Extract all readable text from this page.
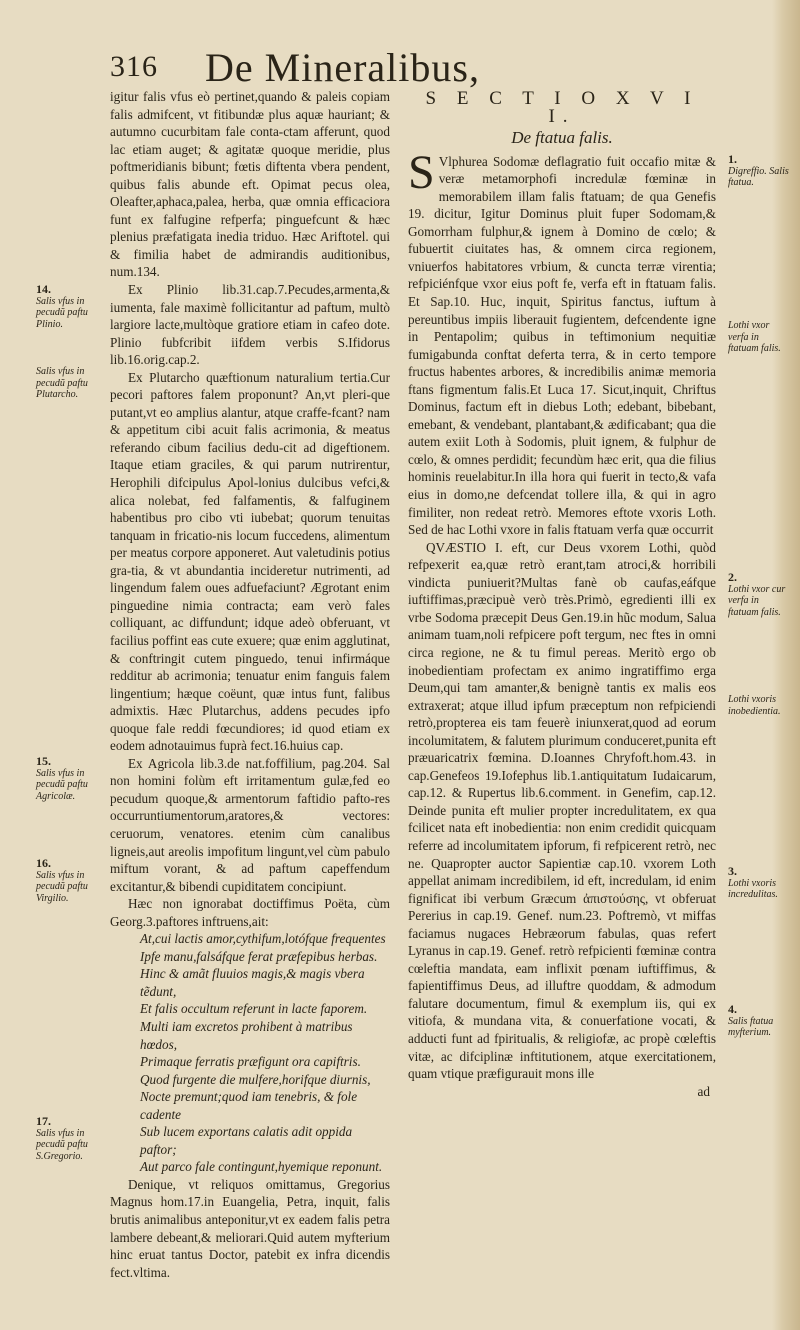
316 De Mineralibus,

igitur falis vfus eò pertinet,quando & paleis copiam falis admifcent, vt fitibundæ plus aquæ hauriant; & autumno cucurbitam fale conta-ctam afferunt, quod lac etiam auget; & agitatæ quoque meridie, plus poftmeridianis bibunt; fœtis diftenta vbera pendent, quibus falis abunde eft. Opimat pecus olea, Oleafter,aphaca,palea, herba, quæ omnia efficaciora funt ex falfugine refperfa; pinguefcunt & hæc plenius præfatigata inedia triduo. Hæc Ariftotel. qui & fimilia habet de admirandis auditionibus, num.134.

Ex Plinio lib.31.cap.7.Pecudes,armenta,& iumenta, fale maximè follicitantur ad paftum, multò largiore lacte,multòque gratiore etiam in cafeo dote. Plinio fubfcribit iifdem verbis S.Ifidorus lib.16.orig.cap.2.

Ex Plutarcho quæftionum naturalium tertia.Cur pecori paftores falem proponunt? An,vt pleri-que putant,vt eo amplius alantur, atque craffe-fcant? nam & appetitum cibi acuit falis acrimonia, & meatus referando cibum facilius dedu-cit ad digeftionem. Itaque etiam graciles, & qui parum nutrirentur, Herophili difcipulus Apol-lonius dulcibus vefci,& alica nolebat, fed falfamentis, & falfuginem habentibus pro cibo vti iubebat; quorum tenuitas tanquam in fricatio-nis locum fuccedens, alimentum per meatus corpore apponeret. Aut valetudinis potius gra-tia, & vt abundantia incideretur nutrimenti, ad lingendum falem oues adfuefaciunt? Ægrotant enim pinguedine nimia contracta; eam verò fales colliquant, ac diffundunt; idque adeò obferuant, vt facilius poffint eas cute exuere; quæ enim agglutinat, & conftringit cutem pinguedo, tenui infirmáque redditur ab acrimonia; tenuatur enim fanguis falem lingentium; hæque coëunt, quæ intus funt, falibus admixtis. Hæc Plutarchus, addens pecudes ipfo quoque fale reddi fœcundiores; id quod etiam ex eodem adnotauimus fuprà fect.16.huius cap.

Ex Agricola lib.3.de nat.foffilium, pag.204. Sal non homini folùm eft irritamentum gulæ,fed eo pecudum quoque,& armentorum faftidio pafto-res occurruntiumentorum,aratores,& vectores: ceruorum, venatores. etenim cùm canalibus ligneis,aut areolis impofitum lingunt,vel cùm pabulo miftum vorant, & ad paftum capeffendum excitantur,& bibendi cupiditatem concipiunt.

Hæc non ignorabat doctiffimus Poëta, cùm Georg.3.paftores inftruens,ait:

At,cui lactis amor,cythifum,lotófque frequentes

Ipfe manu,falsáfque ferat præfepibus herbas.

Hinc & amãt fluuios magis,& magis vbera tẽdunt,

Et falis occultum referunt in lacte faporem.

Multi iam excretos prohibent à matribus hœdos,

Primaque ferratis præfigunt ora capiftris.

Quod furgente die mulfere,horifque diurnis,

Nocte premunt;quod iam tenebris, & fole cadente

Sub lucem exportans calatis adit oppida paftor;

Aut parco fale contingunt,hyemique reponunt.

Denique, vt reliquos omittamus, Gregorius Magnus hom.17.in Euangelia, Petra, inquit, falis brutis animalibus anteponitur,vt ex eadem falis petra lambere debeant,& meliorari.Quid autem myfterium hinc eruat tantus Doctor, patebit ex infra dicendis fect.vltima.

S E C T I O X V I I.
De ftatua falis.

S Vlphurea Sodomæ deflagratio fuit occafio mitæ & veræ metamorphofi incredulæ fœminæ in memorabilem illam falis ftatuam; de qua Genefis 19. dicitur, Igitur Dominus pluit fuper Sodomam,& Gomorrham fulphur,& ignem à Domino de cœlo; & fubuertit ciuitates has, & omnem circa regionem, vniuerfos habitatores vrbium, & cuncta terræ virentia; refpiciénfque vxor eius poft fe, verfa eft in ftatuam falis. Et Sap.10. Huc, inquit, Spiritus fanctus, iuftum à pereuntibus impiis liberauit fugientem, defcendente igne in Pentapolim; quibus in teftimonium nequitiæ fumigabunda conftat deferta terra, & in certo tempore fructus habentes arbores, & incredibilis animæ memoria ftans figmentum falis.Et Luca 17. Sicut,inquit, Chriftus Dominus, factum eft in diebus Loth; edebant, bibebant, emebant, & vendebant, plantabant,& ædificabant; qua die autem exiit Loth à Sodomis, pluit ignem, & fulphur de cœlo, & omnes perdidit; fecundùm hæc erit, qua die filius hominis reuelabitur.In illa hora qui fuerit in tecto,& vafa eius in domo,ne defcendat tollere illa, & qui in agro fimiliter, non redeat retrò. Memores eftote vxoris Loth. Sed de hac Lothi vxore in falis ftatuam verfa quæ occurrit

QVÆSTIO I. eft, cur Deus vxorem Lothi, quòd refpexerit ea,quæ retrò erant,tam atroci,& horribili vindicta puniuerit?Multas fanè ob caufas,eáfque iuftiffimas,præcipuè verò très.Primò, egredienti illi ex vrbe Sodoma præcepit Deus Gen.19.in hũc modum, Salua animam tuam,noli refpicere poft tergum, nec ftes in omni circa regione, ne & tu fimul pereas. Meritò ergo ob inobedientiam profectam ex animo ingratiffimo erga Deum,qui tam amanter,& benignè tantis ex malis eos extraxerat; atque illud ipfum præceptum non refpiciendi retrò,propterea eis tam feuerè iniunxerat,quod ad eorum incolumitatem, & falutem plurimum conduceret,punita eft præuaricatrix fœmina. D.Ioannes Chryfoft.hom.43. in cap.Genefeos 19.Iofephus lib.1.antiquitatum Iudaicarum, cap.12. & Rupertus lib.6.comment. in Genefim, cap.12. Deinde punita eft mulier propter incredulitatem, ex qua fcilicet nata eft inobedientia: non enim credidit quicquam referre ad incolumitatem ipforum, fi refpicerent retrò, nec ne. Quapropter auctor Sapientiæ cap.10. vxorem Loth appellat animam incredibilem, id eft, incredulam, id enim fignificat ibi verbum Græcum ἀπιστούσης, vt obferuat Pererius in cap.19. Genef. num.23. Poftremò, vt miffas faciamus nugaces Hebræorum fabulas, quas refert Lyranus in cap.19. Genef. retrò refpicienti fœminæ contra cœleftia mandata, eam inflixit pœnam iuftiffimus, & fapientiffimus Deus, ad illuftre quoddam, & admodum falutare documentum, fimul & exemplum iis, qui ex vitiofa, & mundana vita, & conuerfatione vocati, & adducti funt ad fpiritualis, & religiofæ, ac propè cœleftis vitæ, ac difciplinæ inftitutionem, atque exercitationem, quam vtique præfigurauit mons ille

ad

14.
Salis vfus in pecudũ paftu Plinio.
Salis vfus in pecudũ paftu Plutarcho.
15.
Salis vfus in pecudũ paftu Agricolæ.
16.
Salis vfus in pecudũ paftu Virgilio.
17.
Salis vfus in pecudũ paftu S.Gregorio.
1.
Digreffio. Salis ftatua.
Lothi vxor verfa in ftatuam falis.
2.
Lothi vxor cur verfa in ftatuam falis.
Lothi vxoris inobedientia.
3.
Lothi vxoris incredulitas.
4.
Salis ftatua myfterium.
